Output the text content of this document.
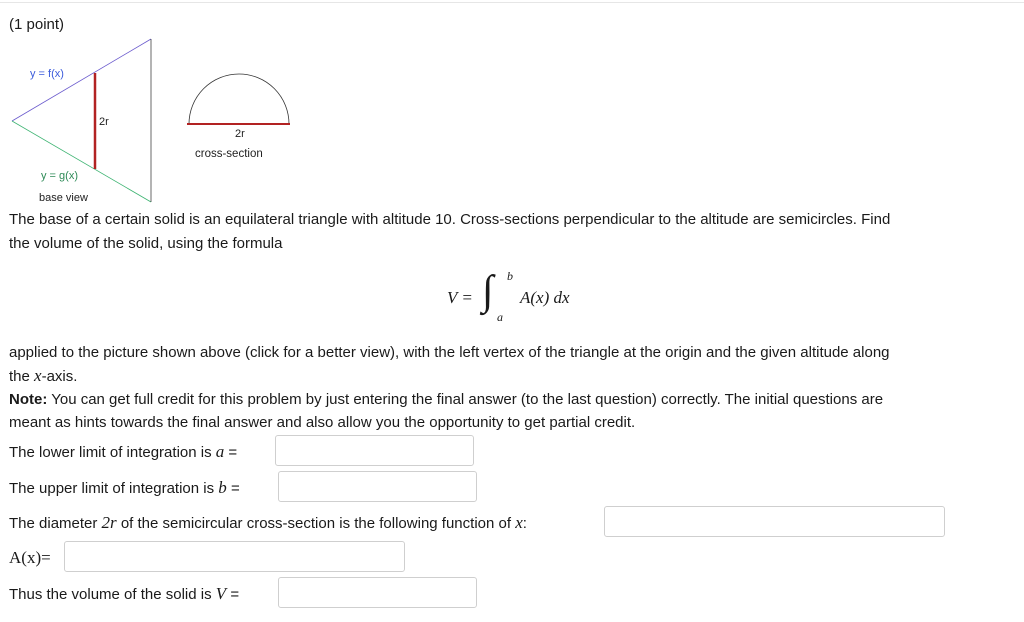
(1 point)
2r
y = f(x)
y = g(x)
base view
2r
cross-section
The base of a certain solid is an equilateral triangle with altitude 10. Cross-sections perpendicular to the altitude are semicircles. Find
the volume of the solid, using the formula
V = ∫ b
a
A(x) dx
applied to the picture shown above (click for a better view), with the left vertex of the triangle at the origin and the given altitude along
the x-axis.
Note: You can get full credit for this problem by just entering the final answer (to the last question) correctly. The initial questions are
meant as hints towards the final answer and also allow you the opportunity to get partial credit.
The lower limit of integration is a =
The upper limit of integration is b =
The diameter 2r of the semicircular cross-section is the following function of x:
A(x)=
Thus the volume of the solid is V =
